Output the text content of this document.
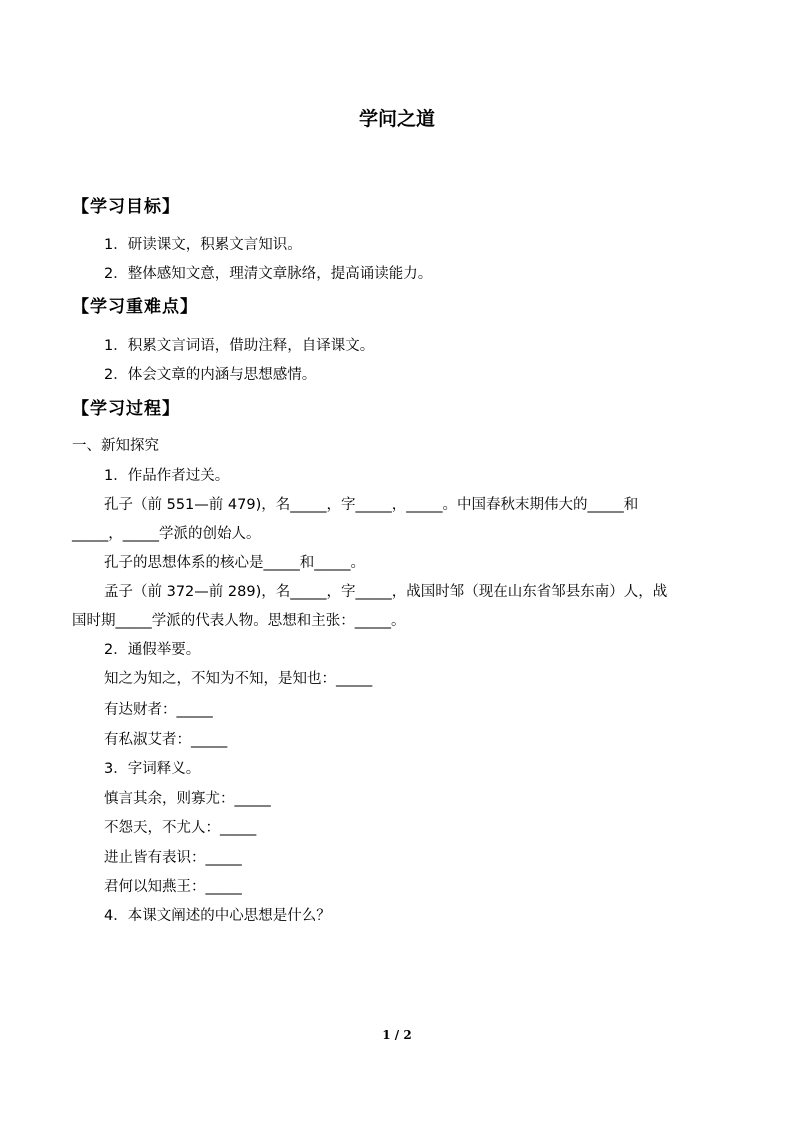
学问之道
【学习目标】
1．研读课文，积累文言知识。
2．整体感知文意，理清文章脉络，提高诵读能力。
【学习重难点】
1．积累文言词语，借助注释，自译课文。
2．体会文章的内涵与思想感情。
【学习过程】
一、新知探究
1．作品作者过关。
孔子（前 551—前 479)，名_____，字_____，_____。中国春秋末期伟大的_____和
_____，_____学派的创始人。
孔子的思想体系的核心是_____和_____。
孟子（前 372—前 289)，名_____，字_____，战国时邹（现在山东省邹县东南）人，战
国时期_____学派的代表人物。思想和主张：_____。
2．通假举要。
知之为知之，不知为不知，是知也：_____
有达财者：_____
有私淑艾者：_____
3．字词释义。
慎言其余，则寡尤：_____
不怨天，不尤人：_____
进止皆有表识：_____
君何以知燕王：_____
4．本课文阐述的中心思想是什么？
1 / 2
